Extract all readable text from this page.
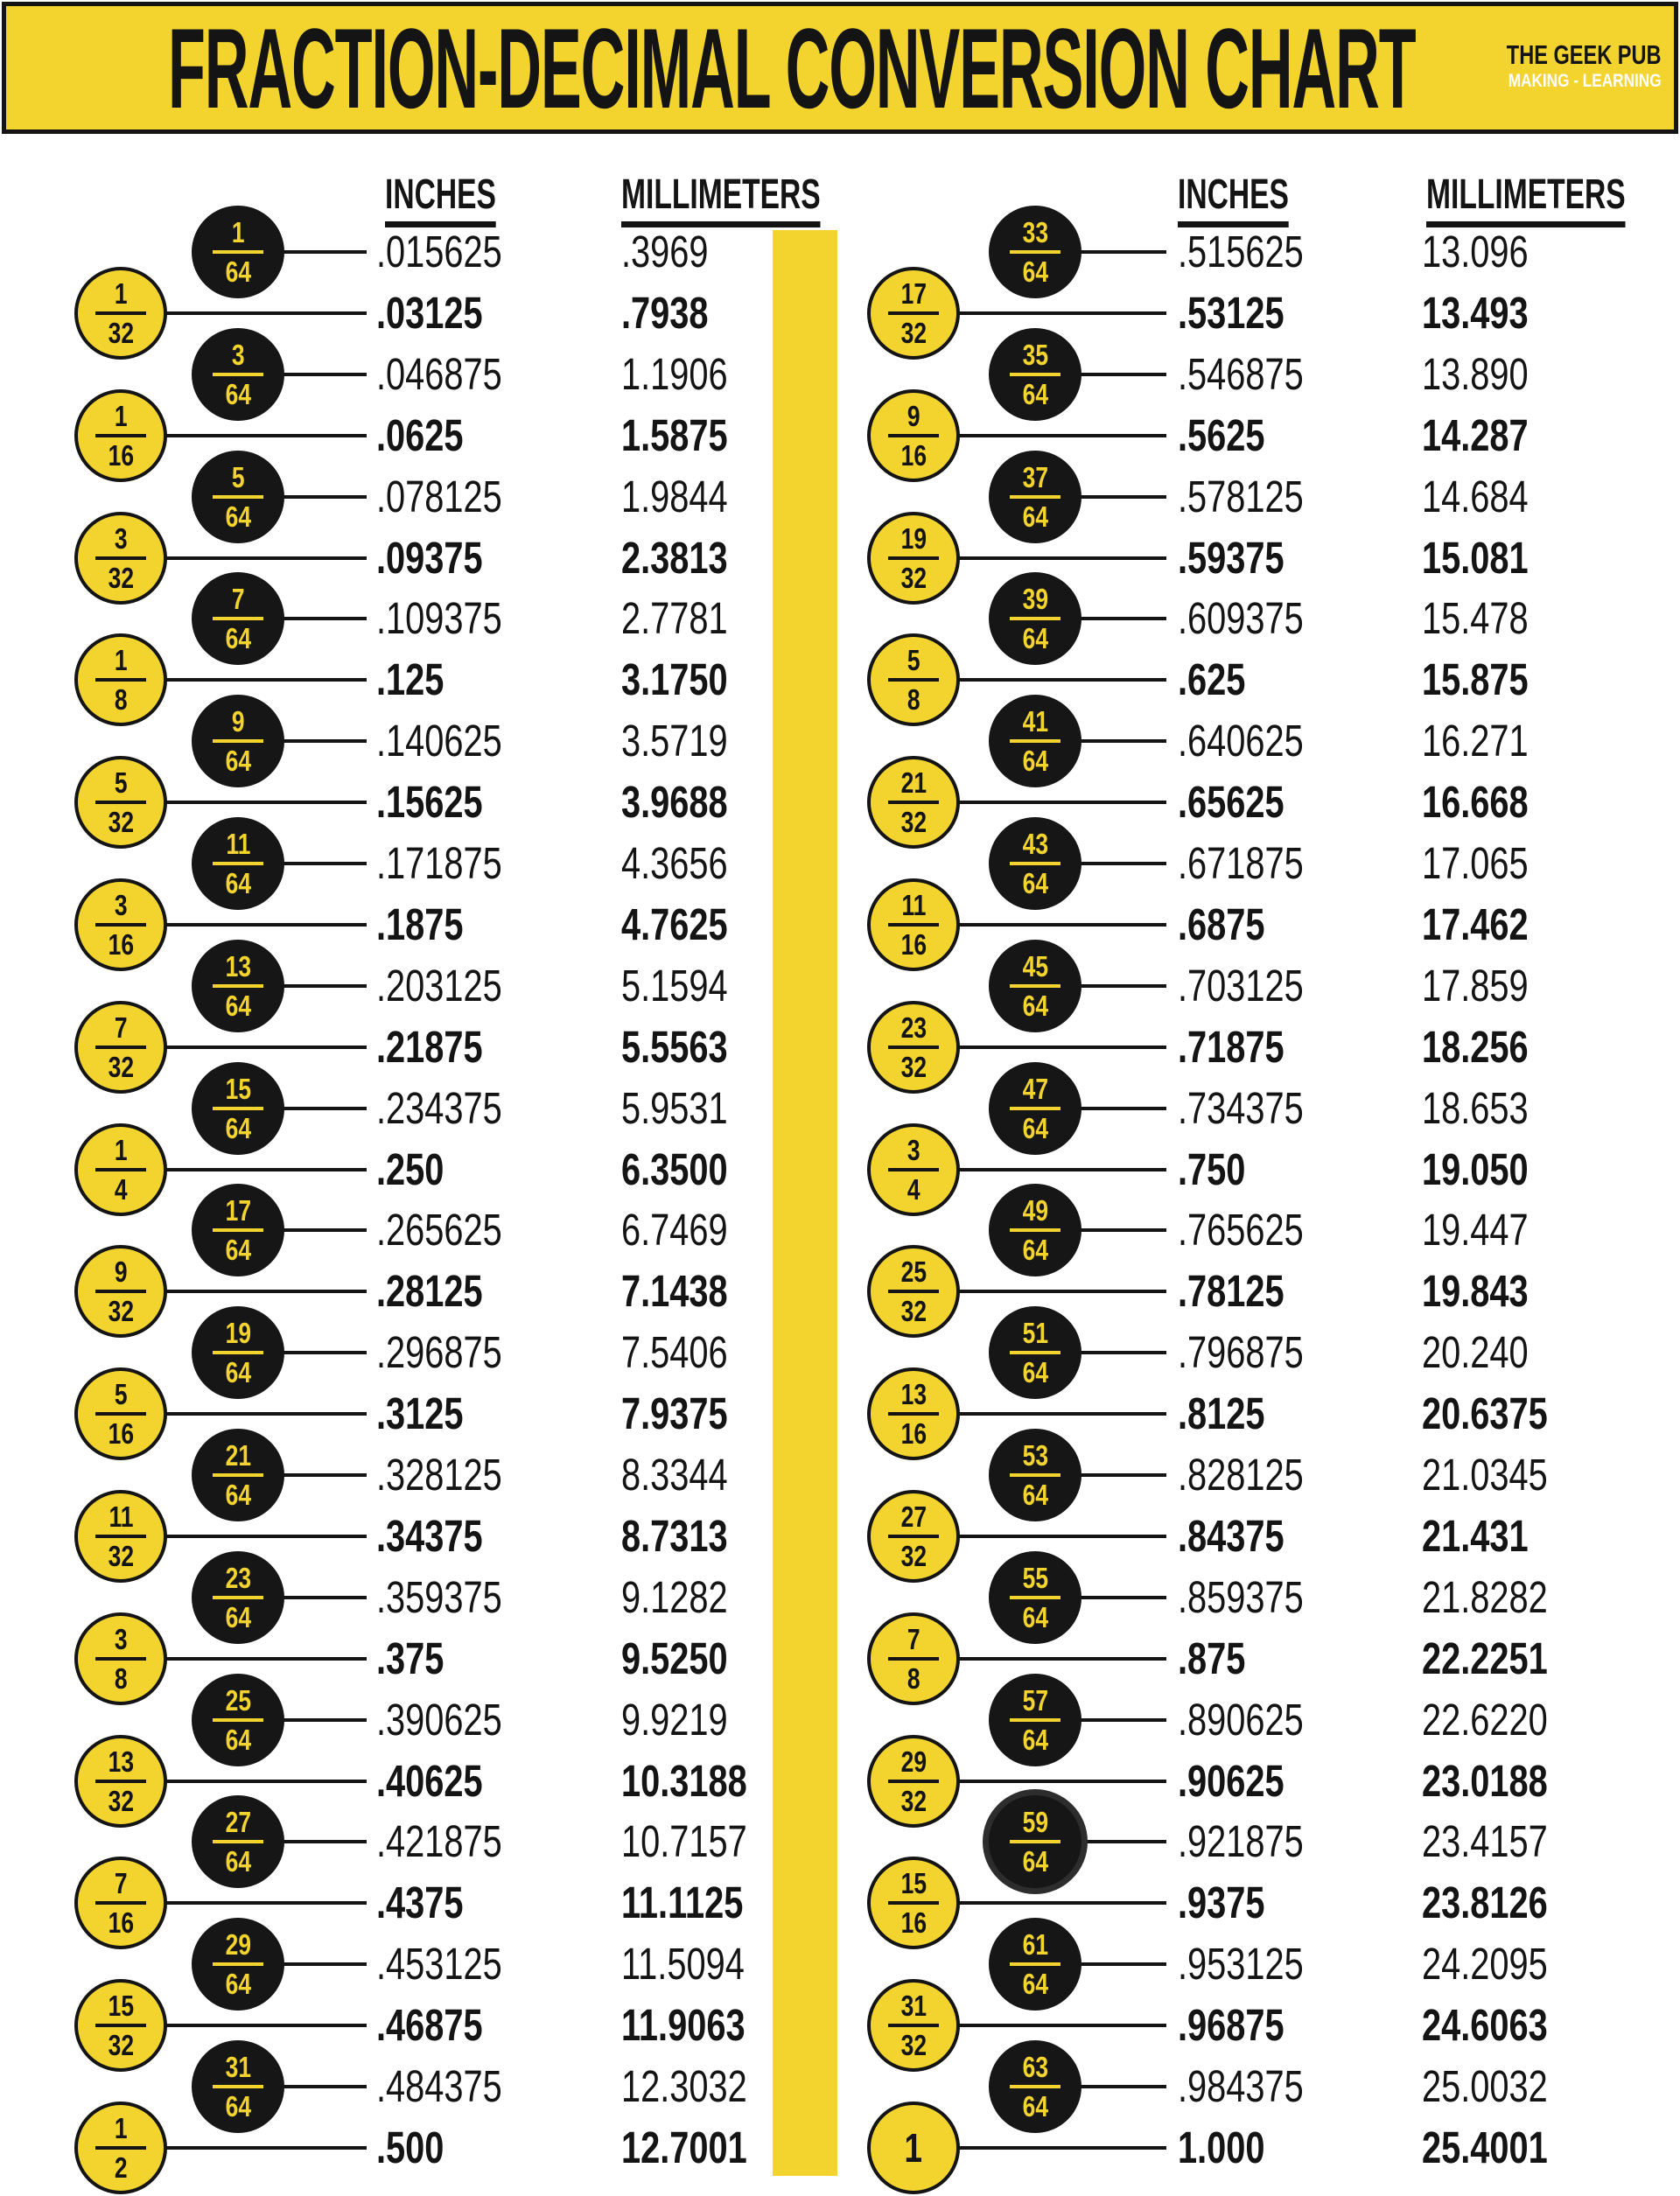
FRACTION-DECIMAL CONVERSION CHART	THE GEEK PUB
MAKING - LEARNING
INCHES	MILLIMETERS	INCHES	MILLIMETERS
1
64	.015625	.3969
1
32	.03125	.7938
3
64	.046875	1.1906
1
16	.0625	1.5875
5
64	.078125	1.9844
3
32	.09375	2.3813
7
64	.109375	2.7781
1
8	.125	3.1750
9
64	.140625	3.5719
5
32	.15625	3.9688
11
64	.171875	4.3656
3
16	.1875	4.7625
13
64	.203125	5.1594
7
32	.21875	5.5563
15
64	.234375	5.9531
1
4	.250	6.3500
17
64	.265625	6.7469
9
32	.28125	7.1438
19
64	.296875	7.5406
5
16	.3125	7.9375
21
64	.328125	8.3344
11
32	.34375	8.7313
23
64	.359375	9.1282
3
8	.375	9.5250
25
64	.390625	9.9219
13
32	.40625	10.3188
27
64	.421875	10.7157
7
16	.4375	11.1125
29
64	.453125	11.5094
15
32	.46875	11.9063
31
64	.484375	12.3032
1
2	.500	12.7001
33
64	.515625	13.096
17
32	.53125	13.493
35
64	.546875	13.890
9
16	.5625	14.287
37
64	.578125	14.684
19
32	.59375	15.081
39
64	.609375	15.478
5
8	.625	15.875
41
64	.640625	16.271
21
32	.65625	16.668
43
64	.671875	17.065
11
16	.6875	17.462
45
64	.703125	17.859
23
32	.71875	18.256
47
64	.734375	18.653
3
4	.750	19.050
49
64	.765625	19.447
25
32	.78125	19.843
51
64	.796875	20.240
13
16	.8125	20.6375
53
64	.828125	21.0345
27
32	.84375	21.431
55
64	.859375	21.8282
7
8	.875	22.2251
57
64	.890625	22.6220
29
32	.90625	23.0188
59
64	.921875	23.4157
15
16	.9375	23.8126
61
64	.953125	24.2095
31
32	.96875	24.6063
63
64	.984375	25.0032
1	1.000	25.4001
